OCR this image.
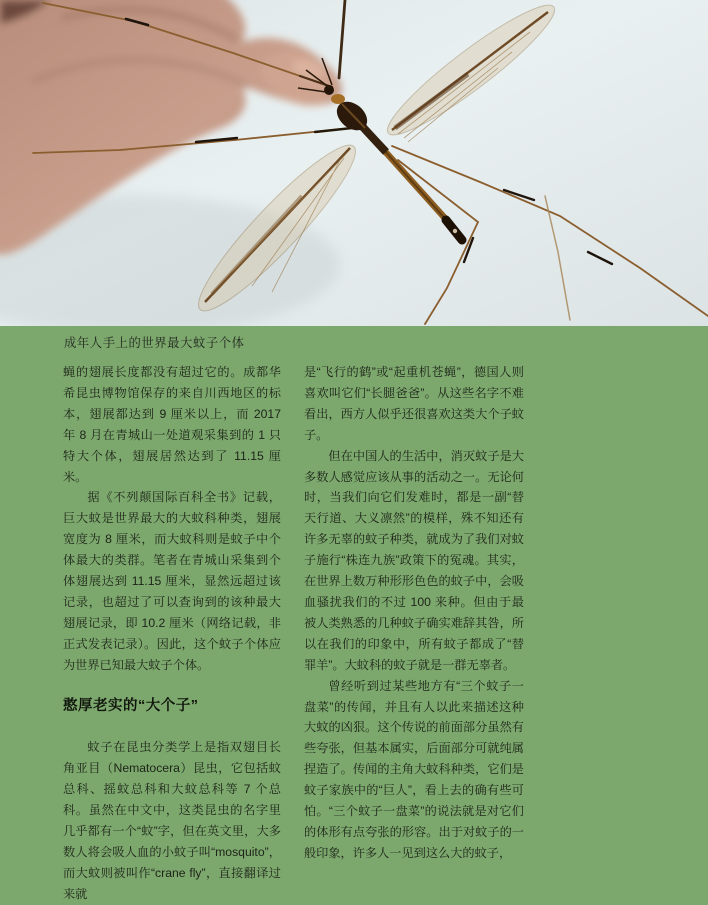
成年人手上的世界最大蚊子个体

蝇的翅展长度都没有超过它的。成都华希昆虫博物馆保存的来自川西地区的标本，翅展都达到 9 厘米以上，而 2017 年 8 月在青城山一处道观采集到的 1 只特大个体，翅展居然达到了 11.15 厘米。

据《不列颠国际百科全书》记载，巨大蚊是世界最大的大蚊科种类，翅展宽度为 8 厘米，而大蚊科则是蚊子中个体最大的类群。笔者在青城山采集到个体翅展达到 11.15 厘米，显然远超过该记录，也超过了可以查询到的该种最大翅展记录，即 10.2 厘米（网络记载，非正式发表记录）。因此，这个蚊子个体应为世界已知最大蚊子个体。

憨厚老实的“大个子”

蚊子在昆虫分类学上是指双翅目长角亚目（Nematocera）昆虫，它包括蚊总科、摇蚊总科和大蚊总科等 7 个总科。虽然在中文中，这类昆虫的名字里几乎都有一个“蚊”字，但在英文里，大多数人将会吸人血的小蚊子叫“mosquito”，而大蚊则被叫作“crane fly”，直接翻译过来就

是“飞行的鹤”或“起重机苍蝇”，德国人则喜欢叫它们“长腿爸爸”。从这些名字不难看出，西方人似乎还很喜欢这类大个子蚊子。

但在中国人的生活中，消灭蚊子是大多数人感觉应该从事的活动之一。无论何时，当我们向它们发难时，都是一副“替天行道、大义凛然”的模样，殊不知还有许多无辜的蚊子种类，就成为了我们对蚊子施行“株连九族”政策下的冤魂。其实，在世界上数万种形形色色的蚊子中，会吸血骚扰我们的不过 100 来种。但由于最被人类熟悉的几种蚊子确实难辞其咎，所以在我们的印象中，所有蚊子都成了“替罪羊”。大蚊科的蚊子就是一群无辜者。

曾经听到过某些地方有“三个蚊子一盘菜”的传闻，并且有人以此来描述这种大蚊的凶狠。这个传说的前面部分虽然有些夸张，但基本属实，后面部分可就纯属捏造了。传闻的主角大蚊科种类，它们是蚊子家族中的“巨人”，看上去的确有些可怕。“三个蚊子一盘菜”的说法就是对它们的体形有点夸张的形容。出于对蚊子的一般印象，许多人一见到这么大的蚊子，
